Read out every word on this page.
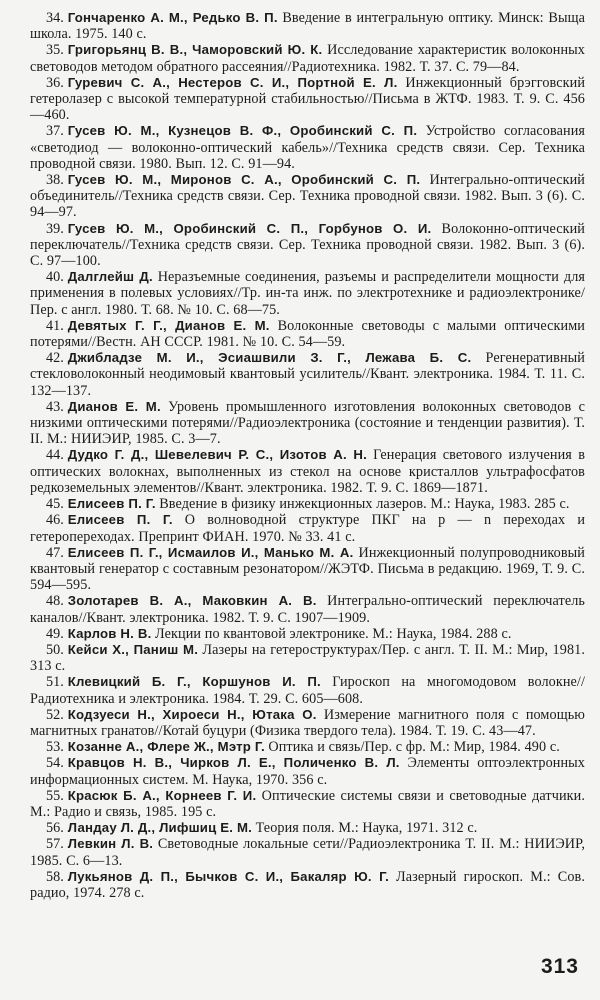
34. Гончаренко А. М., Редько В. П. Введение в интегральную оптику. Минск: Выща школа. 1975. 140 с.

35. Григорьянц В. В., Чаморовский Ю. К. Исследование характеристик волоконных световодов методом обратного рассеяния//Радиотехника. 1982. Т. 37. С. 79—84.

36. Гуревич С. А., Нестеров С. И., Портной Е. Л. Инжекционный брэгговский гетеролазер с высокой температурной стабильностью//Письма в ЖТФ. 1983. Т. 9. С. 456—460.

37. Гусев Ю. М., Кузнецов В. Ф., Оробинский С. П. Устройство согласования «светодиод — волоконно-оптический кабель»//Техника средств связи. Сер. Техника проводной связи. 1980. Вып. 12. С. 91—94.

38. Гусев Ю. М., Миронов С. А., Оробинский С. П. Интегрально-оптический объединитель//Техника средств связи. Сер. Техника проводной связи. 1982. Вып. 3 (6). С. 94—97.

39. Гусев Ю. М., Оробинский С. П., Горбунов О. И. Волоконно-оптический переключатель//Техника средств связи. Сер. Техника проводной связи. 1982. Вып. 3 (6). С. 97—100.

40. Далглейш Д. Неразъемные соединения, разъемы и распределители мощности для применения в полевых условиях//Тр. ин-та инж. по электротехнике и радиоэлектронике/Пер. с англ. 1980. Т. 68. № 10. С. 68—75.

41. Девятых Г. Г., Дианов Е. М. Волоконные световоды с малыми оптическими потерями//Вестн. АН СССР. 1981. № 10. С. 54—59.

42. Джибладзе М. И., Эсиашвили З. Г., Лежава Б. С. Регенеративный стекловолоконный неодимовый квантовый усилитель//Квант. электроника. 1984. Т. 11. С. 132—137.

43. Дианов Е. М. Уровень промышленного изготовления волоконных световодов с низкими оптическими потерями//Радиоэлектроника (состояние и тенденции развития). Т. II. М.: НИИЭИР, 1985. С. 3—7.

44. Дудко Г. Д., Шевелевич Р. С., Изотов А. Н. Генерация светового излучения в оптических волокнах, выполненных из стекол на основе кристаллов ультрафосфатов редкоземельных элементов//Квант. электроника. 1982. Т. 9. С. 1869—1871.

45. Елисеев П. Г. Введение в физику инжекционных лазеров. М.: Наука, 1983. 285 с.

46. Елисеев П. Г. О волноводной структуре ПКГ на p — n переходах и гетеропереходах. Препринт ФИАН. 1970. № 33. 41 с.

47. Елисеев П. Г., Исмаилов И., Манько М. А. Инжекционный полупроводниковый квантовый генератор с составным резонатором//ЖЭТФ. Письма в редакцию. 1969, Т. 9. С. 594—595.

48. Золотарев В. А., Маковкин А. В. Интегрально-оптический переключатель каналов//Квант. электроника. 1982. Т. 9. С. 1907—1909.

49. Карлов Н. В. Лекции по квантовой электронике. М.: Наука, 1984. 288 с.

50. Кейси Х., Паниш М. Лазеры на гетероструктурах/Пер. с англ. Т. II. М.: Мир, 1981. 313 с.

51. Клевицкий Б. Г., Коршунов И. П. Гироскоп на многомодовом волокне//Радиотехника и электроника. 1984. Т. 29. С. 605—608.

52. Кодзуеси Н., Хироеси Н., Ютака О. Измерение магнитного поля с помощью магнитных гранатов//Котай буцури (Физика твердого тела). 1984. Т. 19. С. 43—47.

53. Козанне А., Флере Ж., Мэтр Г. Оптика и связь/Пер. с фр. М.: Мир, 1984. 490 с.

54. Кравцов Н. В., Чирков Л. Е., Поличенко В. Л. Элементы оптоэлектронных информационных систем. М. Наука, 1970. 356 с.

55. Красюк Б. А., Корнеев Г. И. Оптические системы связи и световодные датчики. М.: Радио и связь, 1985. 195 с.

56. Ландау Л. Д., Лифшиц Е. М. Теория поля. М.: Наука, 1971. 312 с.

57. Левкин Л. В. Световодные локальные сети//Радиоэлектроника Т. II. М.: НИИЭИР, 1985. С. 6—13.

58. Лукьянов Д. П., Бычков С. И., Бакаляр Ю. Г. Лазерный гироскоп. М.: Сов. радио, 1974. 278 с.

313
